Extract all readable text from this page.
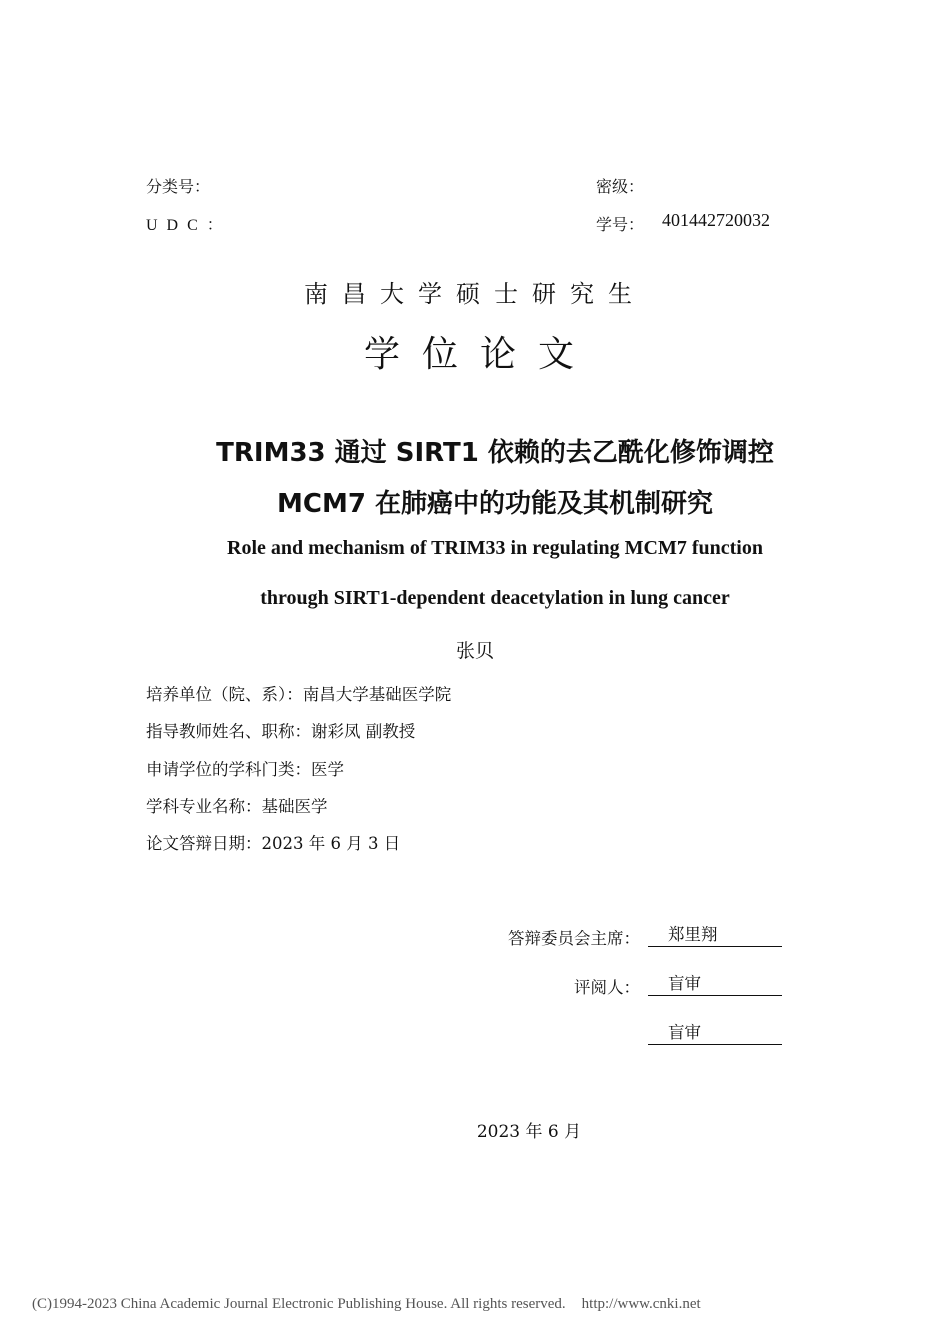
分类号：	密级：
UDC：	学号： 401442720032
南昌大学硕士研究生
学位论文
TRIM33 通过 SIRT1 依赖的去乙酰化修饰调控
MCM7 在肺癌中的功能及其机制研究
Role and mechanism of TRIM33 in regulating MCM7 function
through SIRT1-dependent deacetylation in lung cancer
张贝
培养单位（院、系）：南昌大学基础医学院
指导教师姓名、职称：谢彩凤 副教授
申请学位的学科门类：医学
学科专业名称：基础医学
论文答辩日期：2023 年 6 月 3 日
答辩委员会主席：	郑里翔
评阅人：	盲审
盲审
2023 年 6 月
(C)1994-2023 China Academic Journal Electronic Publishing House. All rights reserved. http://www.cnki.net
